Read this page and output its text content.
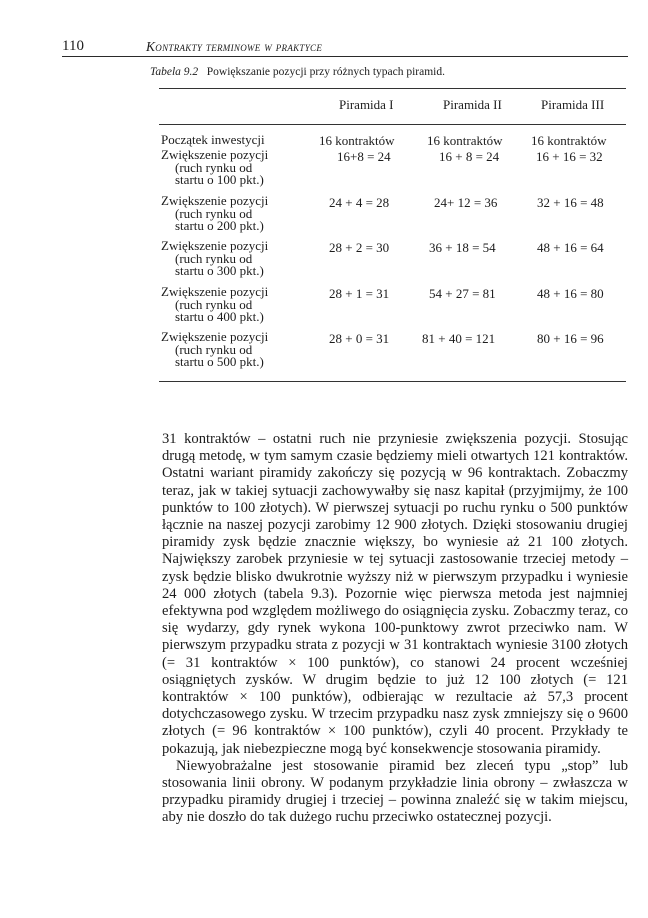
110	Kontrakty terminowe w praktyce
Tabela 9.2 Powiększanie pozycji przy różnych typach piramid.
Piramida I	Piramida II	Piramida III
Początek inwestycji	16 kontraktów	16 kontraktów 16 kontraktów
Zwiększenie pozycji
(ruch rynku od
startu o 100 pkt.)
16+8 = 24	16 + 8 = 24	16 + 16 = 32
Zwiększenie pozycji
(ruch rynku od
startu o 200 pkt.)
24 + 4 = 28	24+ 12 = 36	32 + 16 = 48
Zwiększenie pozycji
(ruch rynku od
startu o 300 pkt.)
28 + 2 = 30	36 + 18 = 54	48 + 16 = 64
Zwiększenie pozycji
(ruch rynku od
startu o 400 pkt.)
28 + 1 = 31	54 + 27 = 81	48 + 16 = 80
Zwiększenie pozycji
(ruch rynku od
startu o 500 pkt.)
28 + 0 = 31	81 + 40 = 121	80 + 16 = 96

31 kontraktów – ostatni ruch nie przyniesie zwiększenia pozycji. Stosując drugą metodę, w tym samym czasie będziemy mieli otwartych 121 kontraktów. Ostatni wariant piramidy zakończy się pozycją w 96 kontraktach. Zobaczmy teraz, jak w takiej sytuacji zachowywałby się nasz kapitał (przyjmijmy, że 100 punktów to 100 złotych). W pierwszej sytuacji po ruchu rynku o 500 punktów łącznie na naszej pozycji zarobimy 12 900 złotych. Dzięki stosowaniu drugiej piramidy zysk będzie znacznie większy, bo wyniesie aż 21 100 złotych. Największy zarobek przyniesie w tej sytuacji zastosowanie trzeciej metody – zysk będzie blisko dwukrotnie wyższy niż w pierwszym przypadku i wyniesie 24 000 złotych (tabela 9.3). Pozornie więc pierwsza metoda jest najmniej efektywna pod względem możliwego do osiągnięcia zysku. Zobaczmy teraz, co się wydarzy, gdy rynek wykona 100-punktowy zwrot przeciwko nam. W pierwszym przypadku strata z pozycji w 31 kontraktach wyniesie 3100 złotych (= 31 kontraktów × 100 punktów), co stanowi 24 procent wcześniej osiągniętych zysków. W drugim będzie to już 12 100 złotych (= 121 kontraktów × 100 punktów), odbierając w rezultacie aż 57,3 procent dotychczasowego zysku. W trzecim przypadku nasz zysk zmniejszy się o 9600 złotych (= 96 kontraktów × 100 punktów), czyli 40 procent. Przykłady te pokazują, jak niebezpieczne mogą być konsekwencje stosowania piramidy.

Niewyobrażalne jest stosowanie piramid bez zleceń typu „stop” lub stosowania linii obrony. W podanym przykładzie linia obrony – zwłaszcza w przypadku piramidy drugiej i trzeciej – powinna znaleźć się w takim miejscu, aby nie doszło do tak dużego ruchu przeciwko ostatecznej pozycji.
